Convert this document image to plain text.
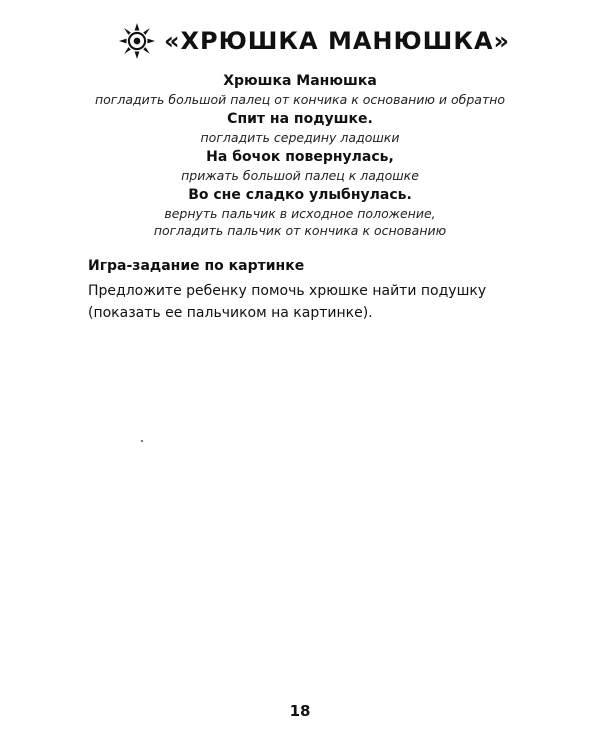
«ХРЮШКА МАНЮШКА»
Хрюшка Манюшка
погладить большой палец от кончика к основанию и обратно
Спит на подушке.
погладить середину ладошки
На бочок повернулась,
прижать большой палец к ладошке
Во сне сладко улыбнулась.
вернуть пальчик в исходное положение,
погладить пальчик от кончика к основанию
Игра-задание по картинке
Предложите ребенку помочь хрюшке найти подушку (показать ее пальчиком на картинке).
18
